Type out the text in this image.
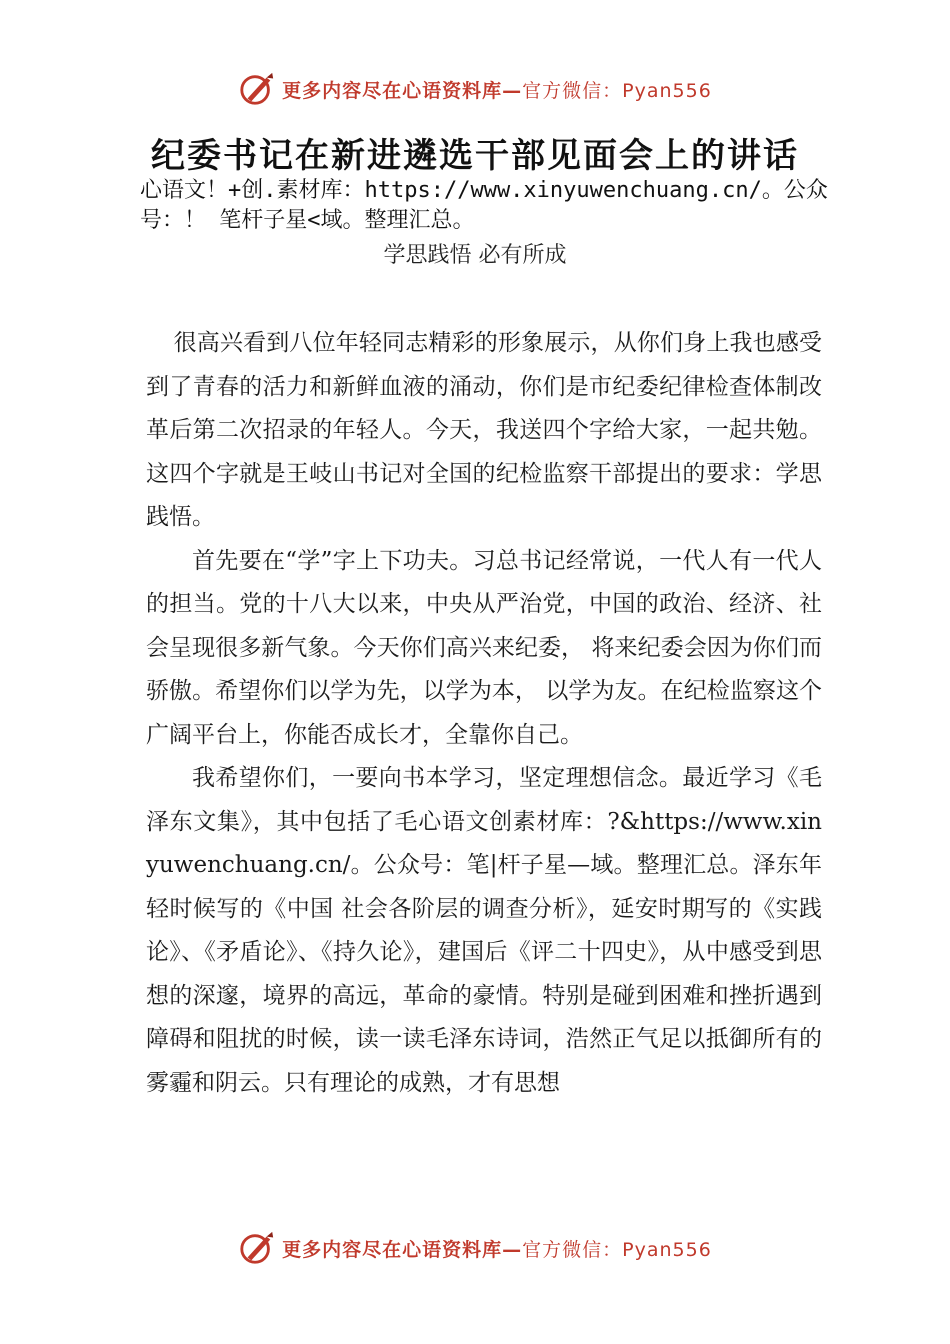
更多内容尽在心语资料库—官方微信：Pyan556
纪委书记在新进遴选干部见面会上的讲话
心语文！+创.素材库：https://www.xinyuwenchuang.cn/。公众号：！ 笔杆子星<域。整理汇总。
学思践悟 必有所成

很高兴看到八位年轻同志精彩的形象展示，从你们身上我也感受到了青春的活力和新鲜血液的涌动，你们是市纪委纪律检查体制改革后第二次招录的年轻人。今天，我送四个字给大家，一起共勉。这四个字就是王岐山书记对全国的纪检监察干部提出的要求：学思践悟。

首先要在“学”字上下功夫。习总书记经常说，一代人有一代人的担当。党的十八大以来，中央从严治党，中国的政治、经济、社会呈现很多新气象。今天你们高兴来纪委， 将来纪委会因为你们而骄傲。希望你们以学为先，以学为本， 以学为友。在纪检监察这个广阔平台上，你能否成长才，全靠你自己。

我希望你们，一要向书本学习，坚定理想信念。最近学习《毛泽东文集》，其中包括了毛心语文创素材库：?&https://www.xinyuwenchuang.cn/。公众号：笔|杆子星—域。整理汇总。泽东年轻时候写的《中国 社会各阶层的调查分析》，延安时期写的《实践论》、《矛盾论》、《持久论》，建国后《评二十四史》，从中感受到思想的深邃，境界的高远，革命的豪情。特别是碰到困难和挫折遇到障碍和阻扰的时候，读一读毛泽东诗词，浩然正气足以抵御所有的雾霾和阴云。只有理论的成熟，才有思想

更多内容尽在心语资料库—官方微信：Pyan556
